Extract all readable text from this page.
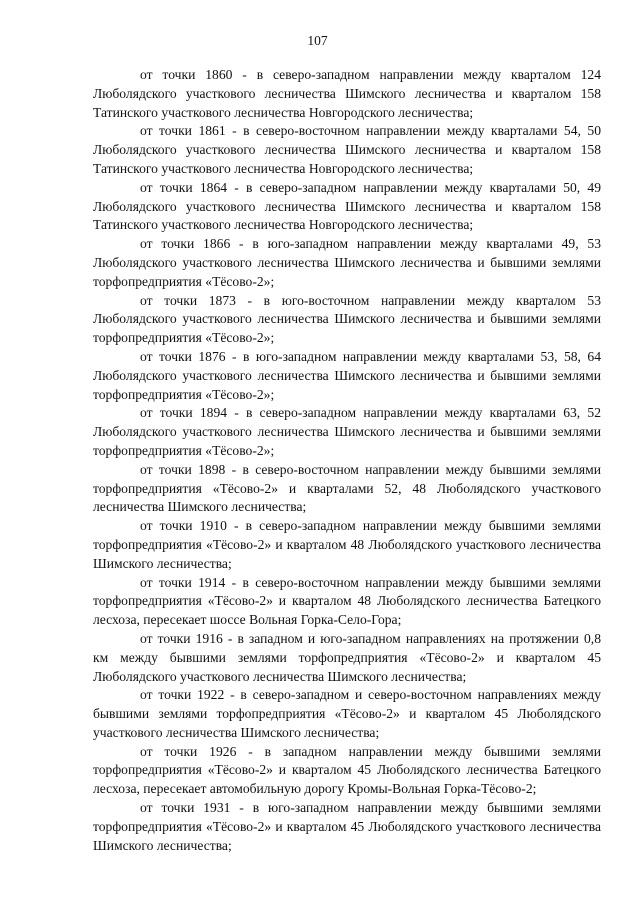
107

от точки 1860 - в северо-западном направлении между кварталом 124 Люболядского участкового лесничества Шимского лесничества и кварталом 158 Татинского участкового лесничества Новгородского лесничества;

от точки 1861 - в северо-восточном направлении между кварталами 54, 50 Люболядского участкового лесничества Шимского лесничества и кварталом 158 Татинского участкового лесничества Новгородского лесничества;

от точки 1864 - в северо-западном направлении между кварталами 50, 49 Люболядского участкового лесничества Шимского лесничества и кварталом 158 Татинского участкового лесничества Новгородского лесничества;

от точки 1866 - в юго-западном направлении между кварталами 49, 53 Люболядского участкового лесничества Шимского лесничества и бывшими землями торфопредприятия «Тёсово-2»;

от точки 1873 - в юго-восточном направлении между кварталом 53 Люболядского участкового лесничества Шимского лесничества и бывшими землями торфопредприятия «Тёсово-2»;

от точки 1876 - в юго-западном направлении между кварталами 53, 58, 64 Люболядского участкового лесничества Шимского лесничества и бывшими землями торфопредприятия «Тёсово-2»;

от точки 1894 - в северо-западном направлении между кварталами 63, 52 Люболядского участкового лесничества Шимского лесничества и бывшими землями торфопредприятия «Тёсово-2»;

от точки 1898 - в северо-восточном направлении между бывшими землями торфопредприятия «Тёсово-2» и кварталами 52, 48 Люболядского участкового лесничества Шимского лесничества;

от точки 1910 - в северо-западном направлении между бывшими землями торфопредприятия «Тёсово-2» и кварталом 48 Люболядского участкового лесничества Шимского лесничества;

от точки 1914 - в северо-восточном направлении между бывшими землями торфопредприятия «Тёсово-2» и кварталом 48 Люболядского лесничества Батецкого лесхоза, пересекает шоссе Вольная Горка-Село-Гора;

от точки 1916 - в западном и юго-западном направлениях на протяжении 0,8 км между бывшими землями торфопредприятия «Тёсово-2» и кварталом 45 Люболядского участкового лесничества Шимского лесничества;

от точки 1922 - в северо-западном и северо-восточном направлениях между бывшими землями торфопредприятия «Тёсово-2» и кварталом 45 Люболядского участкового лесничества Шимского лесничества;

от точки 1926 - в западном направлении между бывшими землями торфопредприятия «Тёсово-2» и кварталом 45 Люболядского лесничества Батецкого лесхоза, пересекает автомобильную дорогу Кромы-Вольная Горка-Тёсово-2;

от точки 1931 - в юго-западном направлении между бывшими землями торфопредприятия «Тёсово-2» и кварталом 45 Люболядского участкового лесничества Шимского лесничества;
